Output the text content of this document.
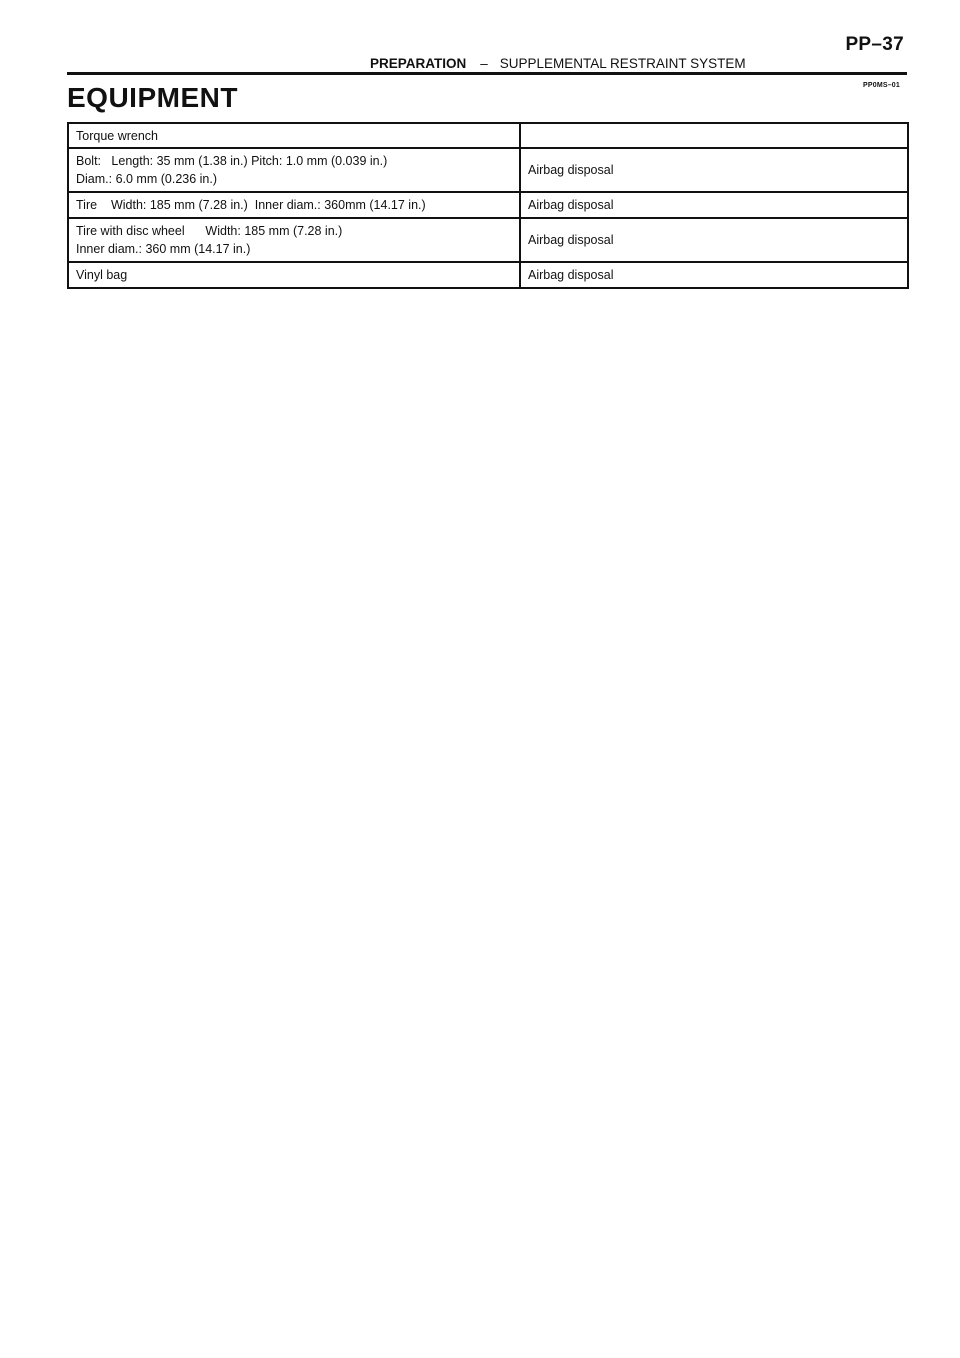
PP–37
PREPARATION – SUPPLEMENTAL RESTRAINT SYSTEM
PP0MS–01
EQUIPMENT
Torque wrench	

Bolt:   Length: 35 mm (1.38 in.) Pitch: 1.0 mm (0.039 in.)
Diam.: 6.0 mm (0.236 in.)	Airbag disposal

Tire    Width: 185 mm (7.28 in.)  Inner diam.: 360mm (14.17 in.)	Airbag disposal

Tire with disc wheel      Width: 185 mm (7.28 in.)
Inner diam.: 360 mm (14.17 in.)	Airbag disposal

Vinyl bag	Airbag disposal
